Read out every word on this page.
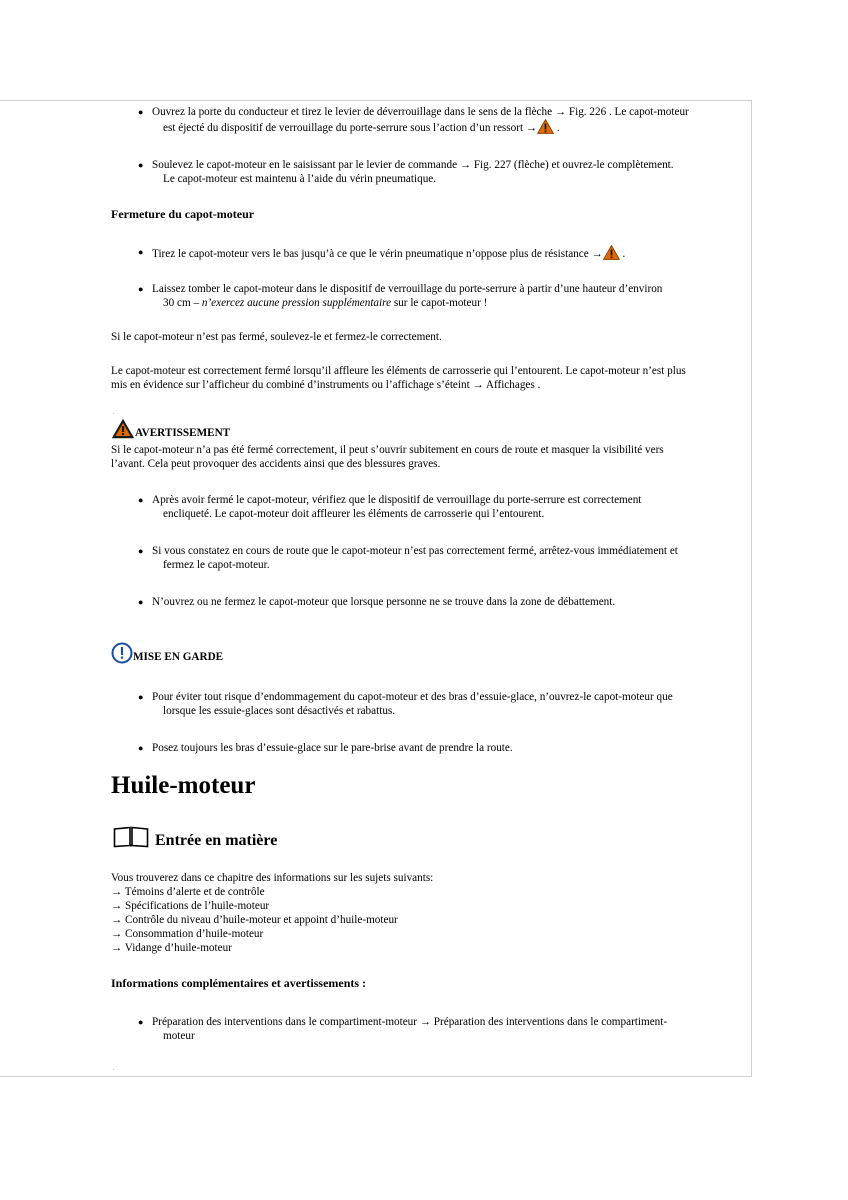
● Ouvrez la porte du conducteur et tirez le levier de déverrouillage dans le sens de la flèche → Fig. 226 . Le capot-moteur
est éjecté du dispositif de verrouillage du porte-serrure sous l’action d’un ressort → .
● Soulevez le capot-moteur en le saisissant par le levier de commande → Fig. 227 (flèche) et ouvrez-le complètement.
Le capot-moteur est maintenu à l’aide du vérin pneumatique.
Fermeture du capot-moteur
● Tirez le capot-moteur vers le bas jusqu’à ce que le vérin pneumatique n’oppose plus de résistance → .
● Laissez tomber le capot-moteur dans le dispositif de verrouillage du porte-serrure à partir d’une hauteur d’environ
30 cm – n’exercez aucune pression supplémentaire sur le capot-moteur !
Si le capot-moteur n’est pas fermé, soulevez-le et fermez-le correctement.
Le capot-moteur est correctement fermé lorsqu’il affleure les éléments de carrosserie qui l’entourent. Le capot-moteur n’est plus
mis en évidence sur l’afficheur du combiné d’instruments ou l’affichage s’éteint → Affichages .
.
AVERTISSEMENT
Si le capot-moteur n’a pas été fermé correctement, il peut s’ouvrir subitement en cours de route et masquer la visibilité vers
l’avant. Cela peut provoquer des accidents ainsi que des blessures graves.
● Après avoir fermé le capot-moteur, vérifiez que le dispositif de verrouillage du porte-serrure est correctement
encliqueté. Le capot-moteur doit affleurer les éléments de carrosserie qui l’entourent.
● Si vous constatez en cours de route que le capot-moteur n’est pas correctement fermé, arrêtez-vous immédiatement et
fermez le capot-moteur.
● N’ouvrez ou ne fermez le capot-moteur que lorsque personne ne se trouve dans la zone de débattement.
MISE EN GARDE
● Pour éviter tout risque d’endommagement du capot-moteur et des bras d’essuie-glace, n’ouvrez-le capot-moteur que
lorsque les essuie-glaces sont désactivés et rabattus.
● Posez toujours les bras d’essuie-glace sur le pare-brise avant de prendre la route.
Huile-moteur
Entrée en matière
Vous trouverez dans ce chapitre des informations sur les sujets suivants:
→ Témoins d’alerte et de contrôle
→ Spécifications de l’huile-moteur
→ Contrôle du niveau d’huile-moteur et appoint d’huile-moteur
→ Consommation d’huile-moteur
→ Vidange d’huile-moteur
Informations complémentaires et avertissements :
● Préparation des interventions dans le compartiment-moteur → Préparation des interventions dans le compartiment-
moteur
.
